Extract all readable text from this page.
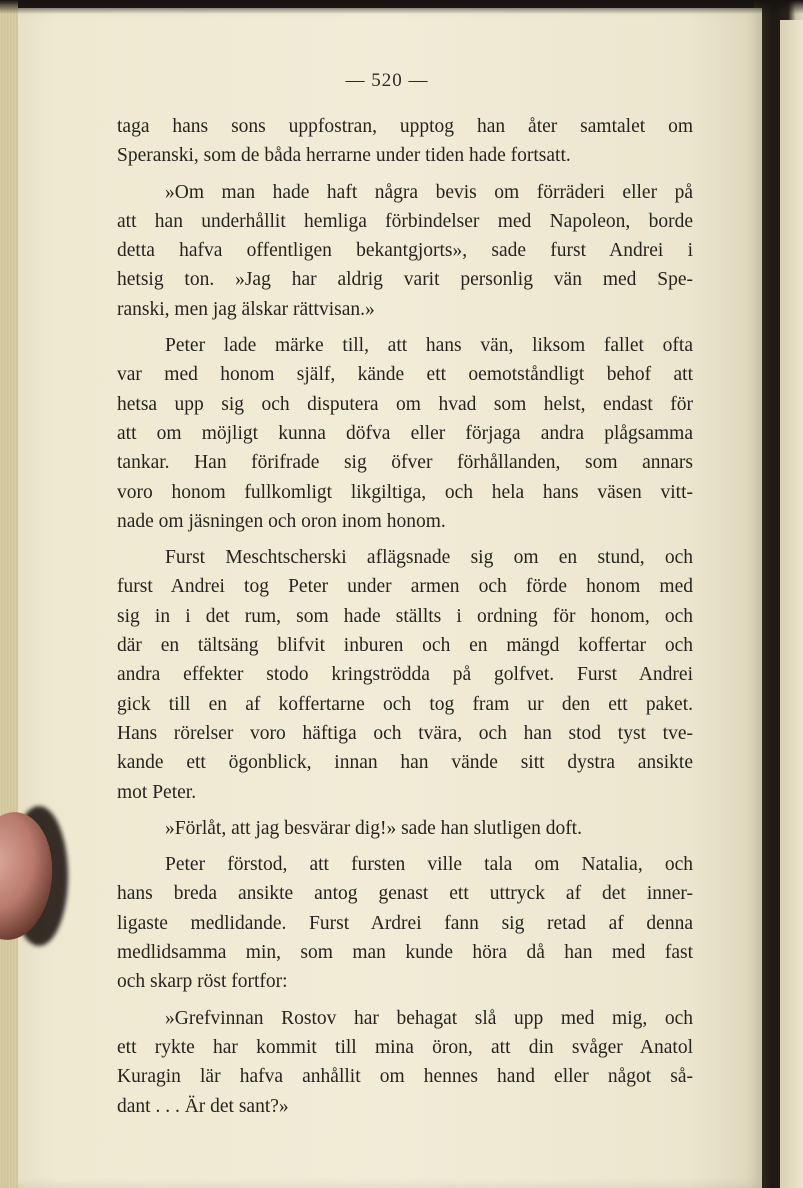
— 520 —

taga hans sons uppfostran, upptog han åter samtalet om
Speranski, som de båda herrarne under tiden hade fortsatt.

»Om man hade haft några bevis om förräderi eller på
att han underhållit hemliga förbindelser med Napoleon, borde
detta hafva offentligen bekantgjorts», sade furst Andrei i
hetsig ton. »Jag har aldrig varit personlig vän med Spe-
ranski, men jag älskar rättvisan.»

Peter lade märke till, att hans vän, liksom fallet ofta
var med honom själf, kände ett oemotståndligt behof att
hetsa upp sig och disputera om hvad som helst, endast för
att om möjligt kunna döfva eller förjaga andra plågsamma
tankar. Han förifrade sig öfver förhållanden, som annars
voro honom fullkomligt likgiltiga, och hela hans väsen vitt-
nade om jäsningen och oron inom honom.

Furst Meschtscherski aflägsnade sig om en stund, och
furst Andrei tog Peter under armen och förde honom med
sig in i det rum, som hade ställts i ordning för honom, och
där en tältsäng blifvit inburen och en mängd koffertar och
andra effekter stodo kringströdda på golfvet. Furst Andrei
gick till en af koffertarne och tog fram ur den ett paket.
Hans rörelser voro häftiga och tvära, och han stod tyst tve-
kande ett ögonblick, innan han vände sitt dystra ansikte
mot Peter.

»Förlåt, att jag besvärar dig!» sade han slutligen doft.

Peter förstod, att fursten ville tala om Natalia, och
hans breda ansikte antog genast ett uttryck af det inner-
ligaste medlidande. Furst Ardrei fann sig retad af denna
medlidsamma min, som man kunde höra då han med fast
och skarp röst fortfor:

»Grefvinnan Rostov har behagat slå upp med mig, och
ett rykte har kommit till mina öron, att din svåger Anatol
Kuragin lär hafva anhållit om hennes hand eller något så-
dant . . . Är det sant?»
